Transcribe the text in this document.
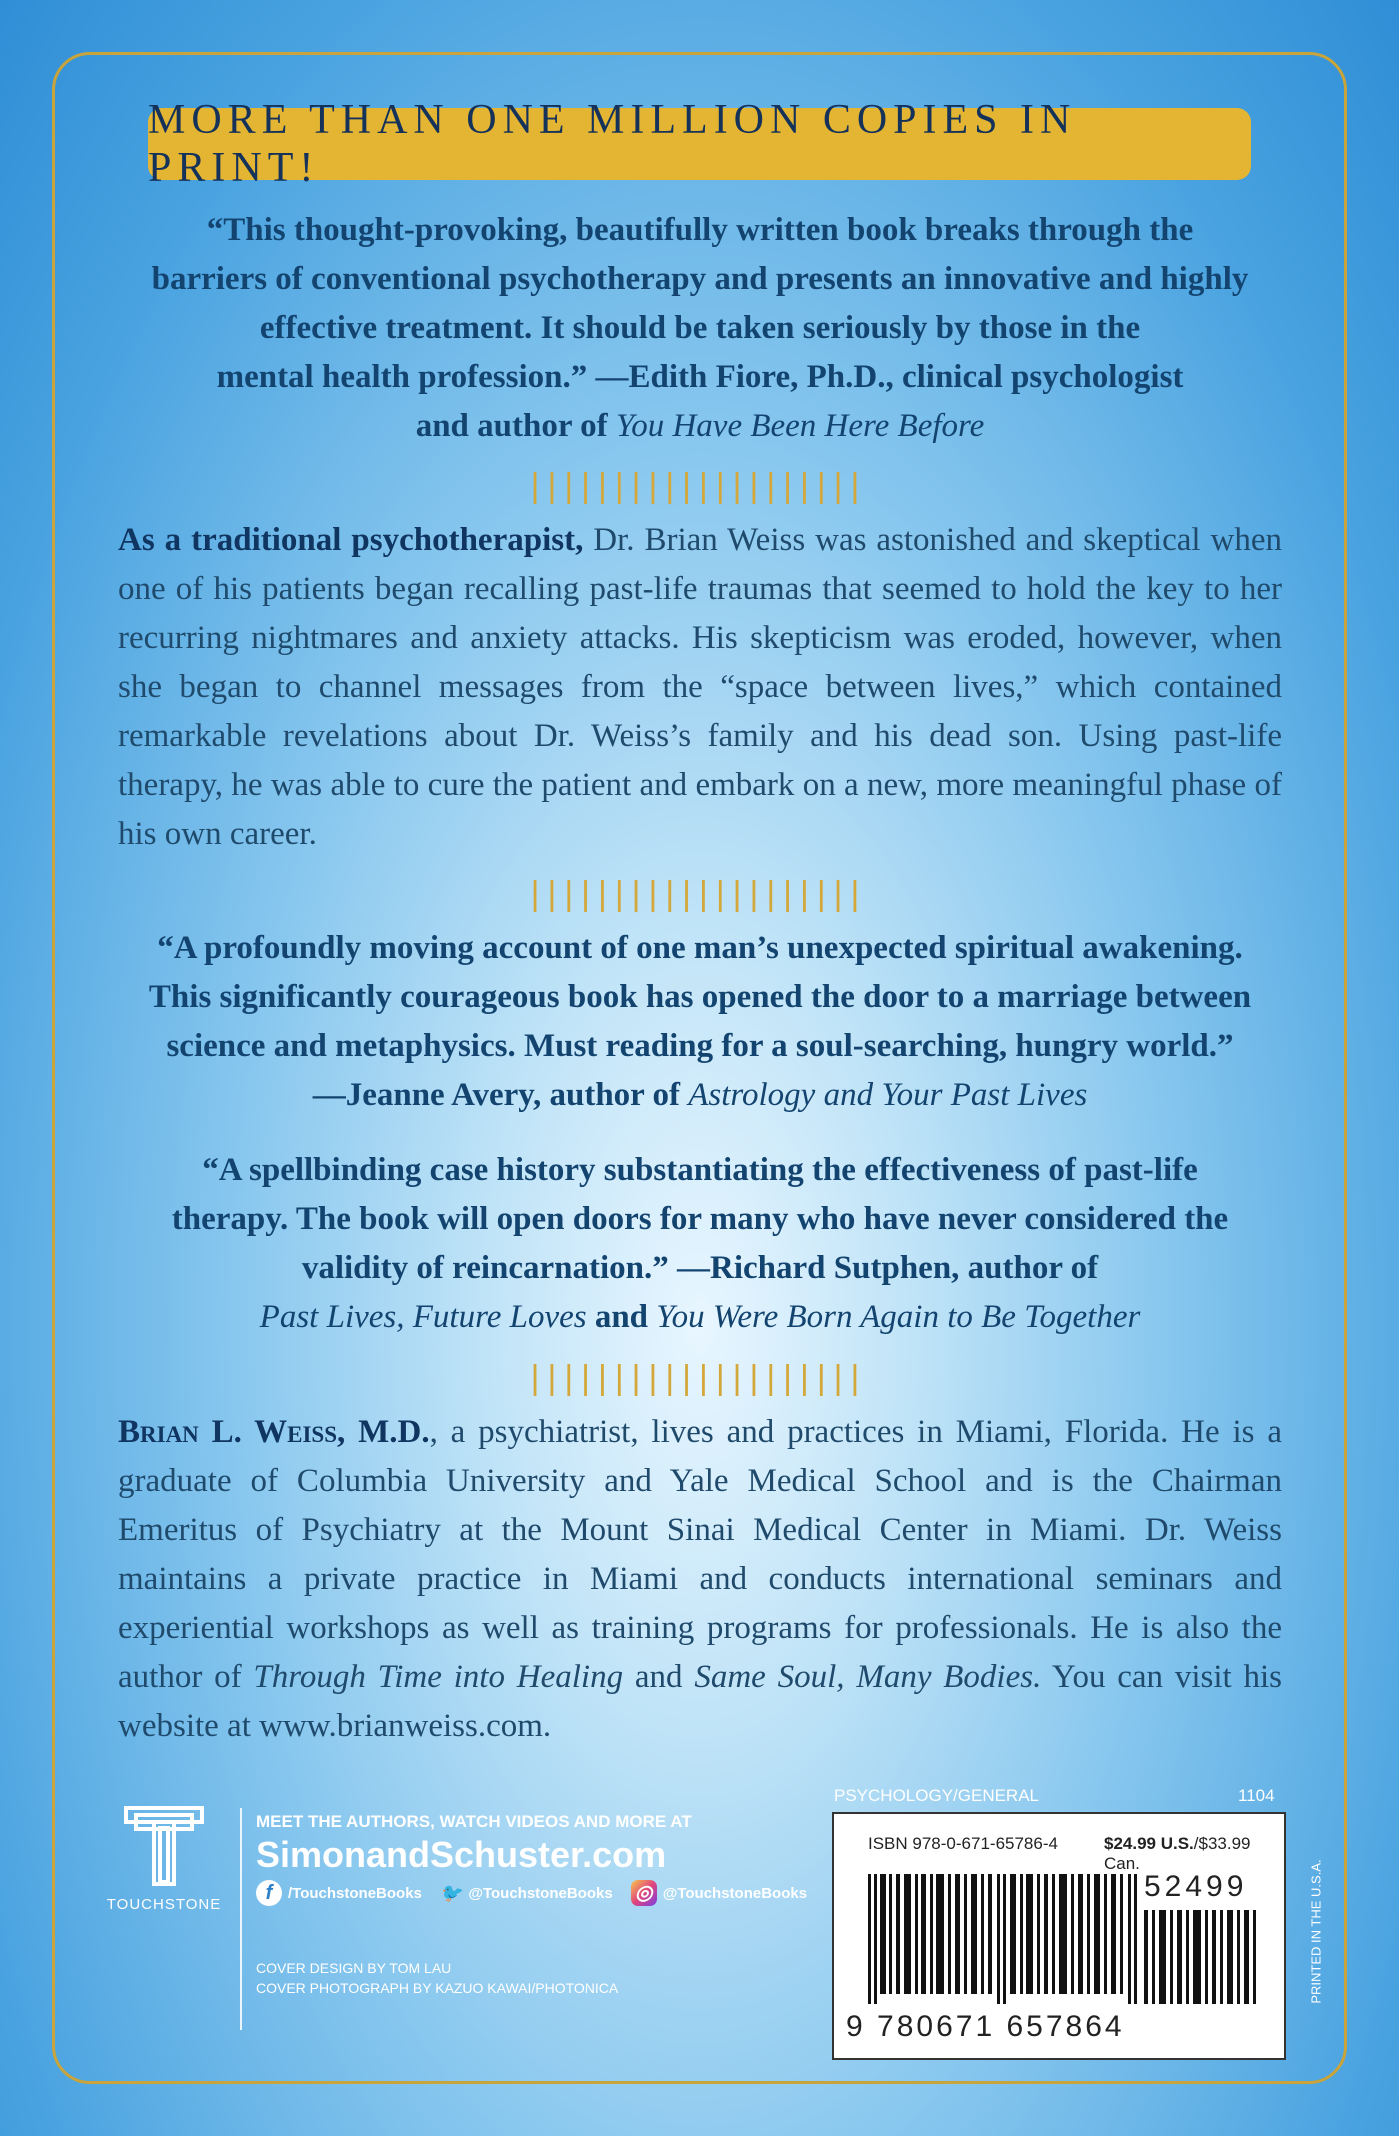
MORE THAN ONE MILLION COPIES IN PRINT!
“This thought-provoking, beautifully written book breaks through the
barriers of conventional psychotherapy and presents an innovative and highly
effective treatment. It should be taken seriously by those in the
mental health profession.” —Edith Fiore, Ph.D., clinical psychologist
and author of You Have Been Here Before
||||||||||||||||||||
As a traditional psychotherapist, Dr. Brian Weiss was astonished and skeptical when one of his patients began recalling past-life traumas that seemed to hold the key to her recurring nightmares and anxiety attacks. His skepticism was eroded, however, when she began to channel messages from the “space between lives,” which contained remarkable revelations about Dr. Weiss’s family and his dead son. Using past-life therapy, he was able to cure the patient and embark on a new, more meaningful phase of his own career.
||||||||||||||||||||
“A profoundly moving account of one man’s unexpected spiritual awakening.
This significantly courageous book has opened the door to a marriage between
science and metaphysics. Must reading for a soul-searching, hungry world.”
—Jeanne Avery, author of Astrology and Your Past Lives
“A spellbinding case history substantiating the effectiveness of past-life
therapy. The book will open doors for many who have never considered the
validity of reincarnation.” —Richard Sutphen, author of
Past Lives, Future Loves and You Were Born Again to Be Together
||||||||||||||||||||
Brian L. Weiss, M.D., a psychiatrist, lives and practices in Miami, Florida. He is a graduate of Columbia University and Yale Medical School and is the Chairman Emeritus of Psychiatry at the Mount Sinai Medical Center in Miami. Dr. Weiss maintains a private practice in Miami and conducts international seminars and experiential workshops as well as training programs for professionals. He is also the author of Through Time into Healing and Same Soul, Many Bodies. You can visit his website at www.brianweiss.com.
TOUCHSTONE
MEET THE AUTHORS, WATCH VIDEOS AND MORE AT
SimonandSchuster.com
f	/TouchstoneBooks 🐦 @TouchstoneBooks ◎ @TouchstoneBooks
COVER DESIGN BY TOM LAU
COVER PHOTOGRAPH BY KAZUO KAWAI/PHOTONICA
PSYCHOLOGY/GENERAL	1104
ISBN 978-0-671-65786-4	$24.99 U.S./$33.99 Can.
52499
9 780671 657864
PRINTED IN THE U.S.A.
